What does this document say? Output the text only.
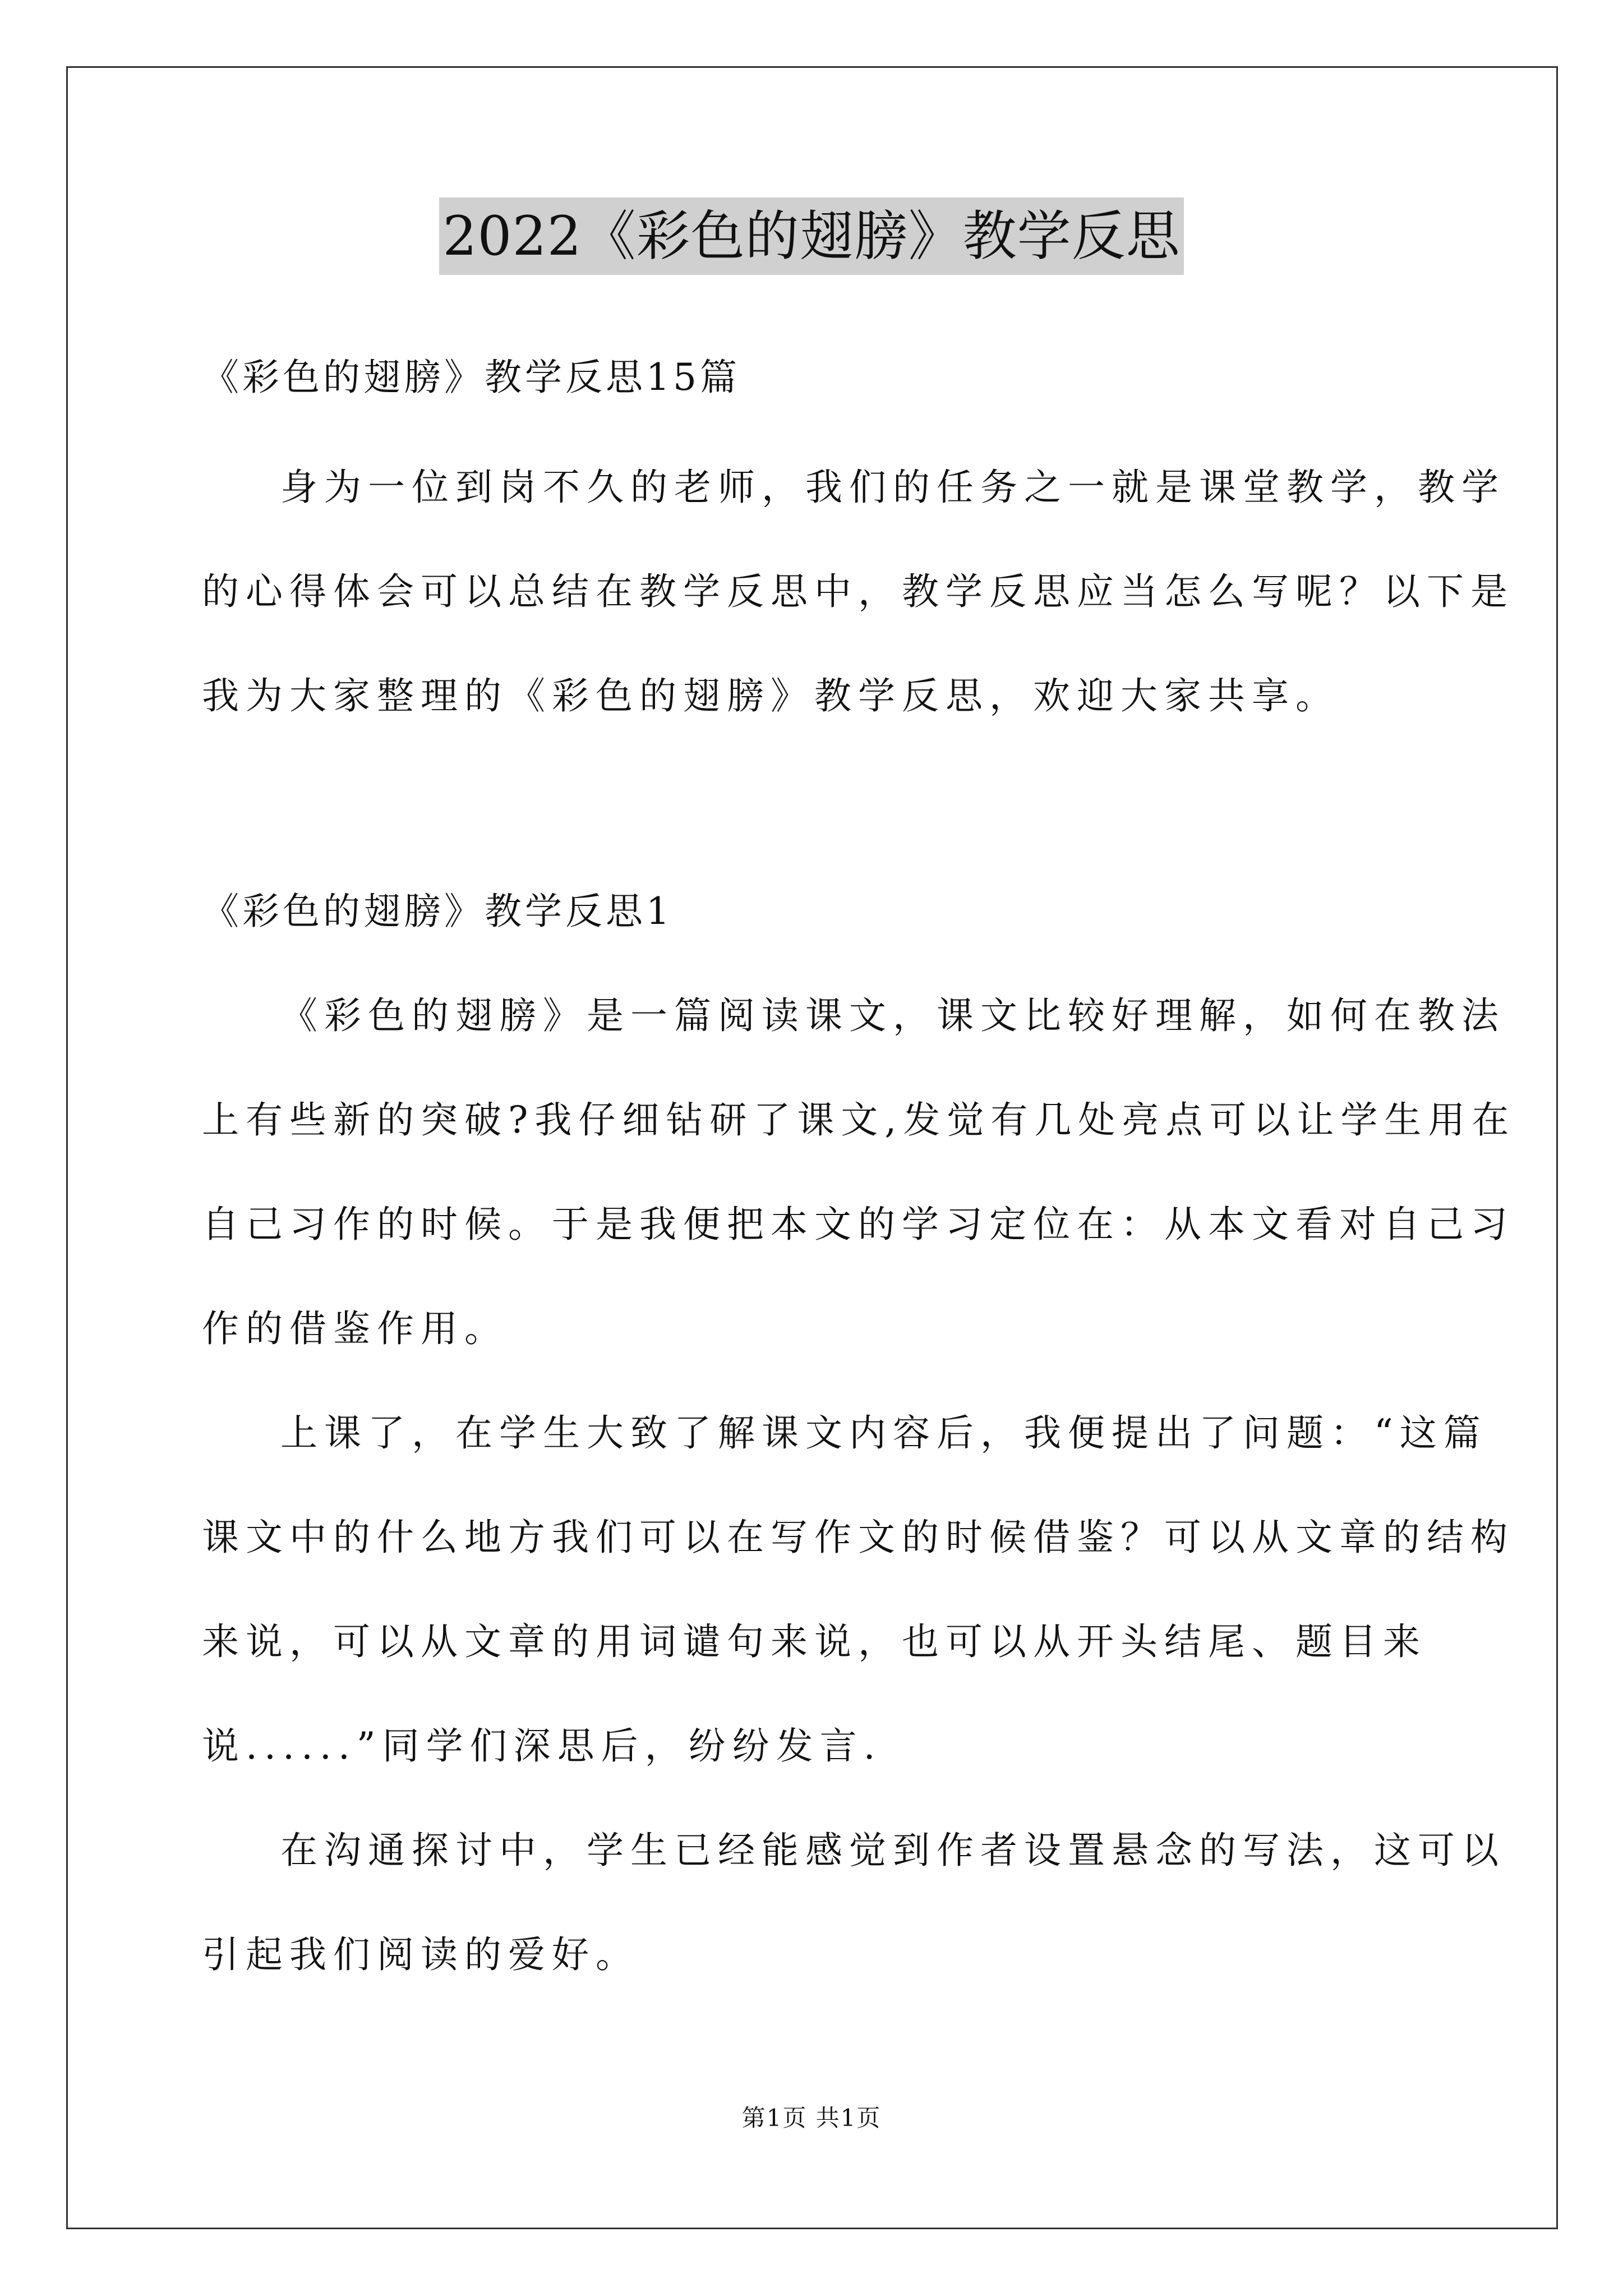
2022《彩色的翅膀》教学反思
《彩色的翅膀》教学反思15篇
身为一位到岗不久的老师，我们的任务之一就是课堂教学，教学
的心得体会可以总结在教学反思中，教学反思应当怎么写呢？以下是
我为大家整理的《彩色的翅膀》教学反思，欢迎大家共享。
《彩色的翅膀》教学反思1
《彩色的翅膀》是一篇阅读课文，课文比较好理解，如何在教法
上有些新的突破?我仔细钻研了课文,发觉有几处亮点可以让学生用在
自己习作的时候。于是我便把本文的学习定位在：从本文看对自己习
作的借鉴作用。
上课了，在学生大致了解课文内容后，我便提出了问题：“这篇
课文中的什么地方我们可以在写作文的时候借鉴？可以从文章的结构
来说，可以从文章的用词谴句来说，也可以从开头结尾、题目来
说......”同学们深思后，纷纷发言.
在沟通探讨中，学生已经能感觉到作者设置悬念的写法，这可以
引起我们阅读的爱好。
第1页 共1页
